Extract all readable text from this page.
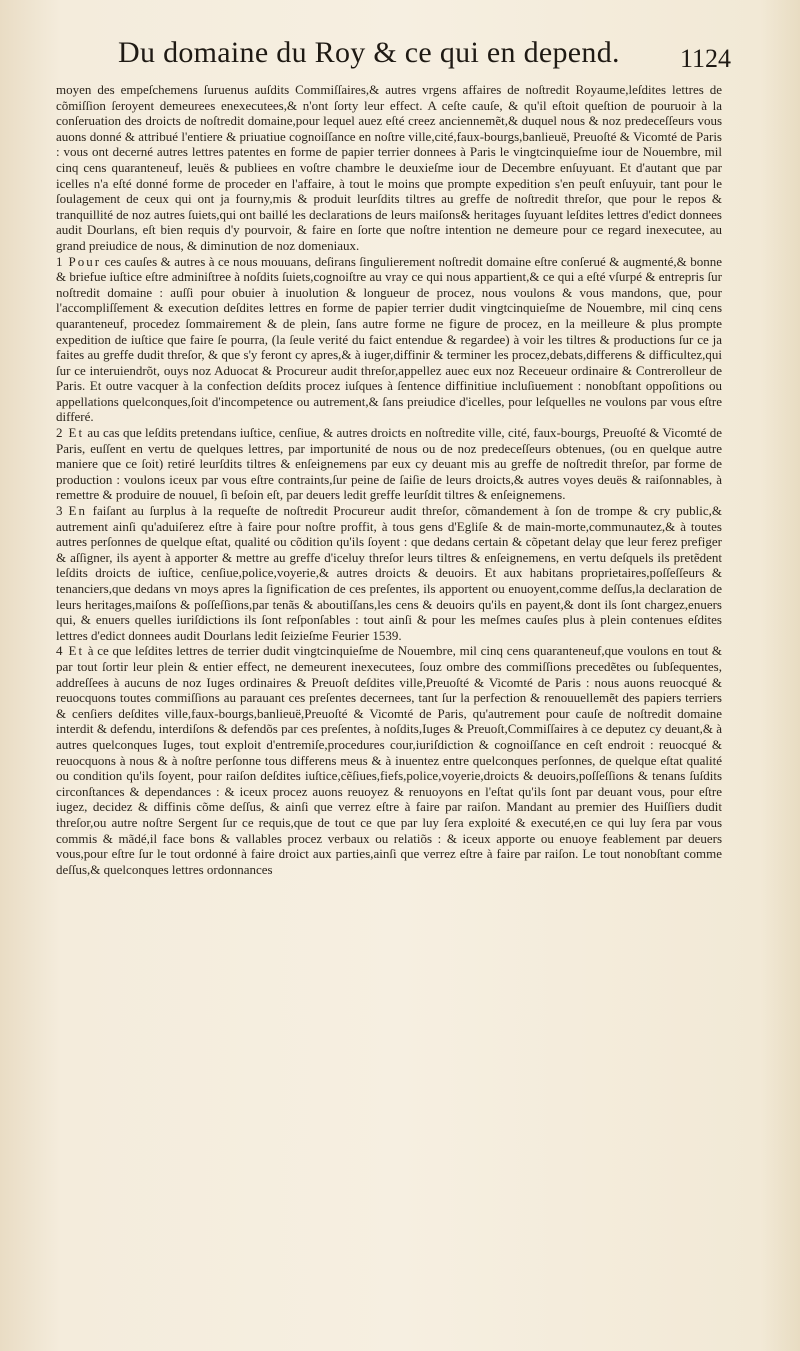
Du domaine du Roy & ce qui en depend. 1124

moyen des empeſchemens ſuruenus auſdits Commiſſaires,& autres vrgens affaires de noſtredit Royaume,leſdites lettres de cõmiſſion ſeroyent demeurees enexecutees,& n'ont ſorty leur effect. A ceſte cauſe, & qu'il eſtoit queſtion de pouruoir à la conſeruation des droicts de noſtredit domaine,pour lequel auez eſté creez anciennemẽt,& duquel nous & noz predeceſſeurs vous auons donné & attribué l'entiere & priuatiue cognoiſſance en noſtre ville,cité,faux-bourgs,banlieuë, Preuoſté & Vicomté de Paris : vous ont decerné autres lettres patentes en forme de papier terrier donnees à Paris le vingtcinquieſme iour de Nouembre, mil cinq cens quaranteneuf, leuës & publiees en voſtre chambre le deuxieſme iour de Decembre enſuyuant. Et d'autant que par icelles n'a eſté donné forme de proceder en l'affaire, à tout le moins que prompte expedition s'en peuſt enſuyuir, tant pour le ſoulagement de ceux qui ont ja fourny,mis & produit leurſdits tiltres au greffe de noſtredit threſor, que pour le repos & tranquillité de noz autres ſuiets,qui ont baillé les declarations de leurs maiſons& heritages ſuyuant leſdites lettres d'edict donnees audit Dourlans, eſt bien requis d'y pourvoir, & faire en ſorte que noſtre intention ne demeure pour ce regard inexecutee, au grand preiudice de nous, & diminution de noz domeniaux.

1 Pour ces cauſes & autres à ce nous mouuans, deſirans ſingulierement noſtredit domaine eſtre conſerué & augmenté,& bonne & briefue iuſtice eſtre adminiſtree à noſdits ſuiets,cognoiſtre au vray ce qui nous appartient,& ce qui a eſté vſurpé & entrepris ſur noſtredit domaine : auſſi pour obuier à inuolution & longueur de procez, nous voulons & vous mandons, que, pour l'accompliſſement & execution deſdites lettres en forme de papier terrier dudit vingtcinquieſme de Nouembre, mil cinq cens quaranteneuf, procedez ſommairement & de plein, ſans autre forme ne figure de procez, en la meilleure & plus prompte expedition de iuſtice que faire ſe pourra, (la ſeule verité du faict entendue & regardee) à voir les tiltres & productions ſur ce ja faites au greffe dudit threſor, & que s'y feront cy apres,& à iuger,diffinir & terminer les procez,debats,differens & difficultez,qui ſur ce interuiendrõt, ouys noz Aduocat & Procureur audit threſor,appellez auec eux noz Receueur ordinaire & Contrerolleur de Paris. Et outre vacquer à la confection deſdits procez iuſques à ſentence diffinitiue incluſiuement : nonobſtant oppoſitions ou appellations quelconques,ſoit d'incompetence ou autrement,& ſans preiudice d'icelles, pour leſquelles ne voulons par vous eſtre differé.

2 Et au cas que leſdits pretendans iuſtice, cenſiue, & autres droicts en noſtredite ville, cité, faux-bourgs, Preuoſté & Vicomté de Paris, euſſent en vertu de quelques lettres, par importunité de nous ou de noz predeceſſeurs obtenues, (ou en quelque autre maniere que ce ſoit) retiré leurſdits tiltres & enſeignemens par eux cy deuant mis au greffe de noſtredit threſor, par forme de production : voulons iceux par vous eſtre contraints,ſur peine de ſaiſie de leurs droicts,& autres voyes deuës & raiſonnables, à remettre & produire de nouuel, ſi beſoin eſt, par deuers ledit greffe leurſdit tiltres & enſeignemens.

3 En faiſant au ſurplus à la requeſte de noſtredit Procureur audit threſor, cõmandement à ſon de trompe & cry public,& autrement ainſi qu'aduiſerez eſtre à faire pour noſtre proffit, à tous gens d'Egliſe & de main-morte,communautez,& à toutes autres perſonnes de quelque eſtat, qualité ou cõdition qu'ils ſoyent : que dedans certain & cõpetant delay que leur ferez prefiger & aſſigner, ils ayent à apporter & mettre au greffe d'iceluy threſor leurs tiltres & enſeignemens, en vertu deſquels ils pretẽdent leſdits droicts de iuſtice, cenſiue,police,voyerie,& autres droicts & deuoirs. Et aux habitans proprietaires,poſſeſſeurs & tenanciers,que dedans vn moys apres la ſignification de ces preſentes, ils apportent ou enuoyent,comme deſſus,la declaration de leurs heritages,maiſons & poſſeſſions,par tenãs & aboutiſſans,les cens & deuoirs qu'ils en payent,& dont ils ſont chargez,enuers qui, & enuers quelles iuriſdictions ils ſont reſponſables : tout ainſi & pour les meſmes cauſes plus à plein contenues eſdites lettres d'edict donnees audit Dourlans ledit ſeizieſme Feurier 1539.

4 Et à ce que leſdites lettres de terrier dudit vingtcinquieſme de Nouembre, mil cinq cens quaranteneuf,que voulons en tout & par tout ſortir leur plein & entier effect, ne demeurent inexecutees, ſouz ombre des commiſſions precedẽtes ou ſubſequentes, addreſſees à aucuns de noz Iuges ordinaires & Preuoſt deſdites ville,Preuoſté & Vicomté de Paris : nous auons reuocqué & reuocquons toutes commiſſions au parauant ces preſentes decernees, tant ſur la perfection & renouuellemẽt des papiers terriers & cenſiers deſdites ville,faux-bourgs,banlieuë,Preuoſté & Vicomté de Paris, qu'autrement pour cauſe de noſtredit domaine interdit & defendu, interdiſons & defendõs par ces preſentes, à noſdits,Iuges & Preuoſt,Commiſſaires à ce deputez cy deuant,& à autres quelconques Iuges, tout exploit d'entremiſe,procedures cour,iuriſdiction & cognoiſſance en ceſt endroit : reuocqué & reuocquons à nous & à noſtre perſonne tous differens meus & à inuentez entre quelconques perſonnes, de quelque eſtat qualité ou condition qu'ils ſoyent, pour raiſon deſdites iuſtice,cẽſiues,fiefs,police,voyerie,droicts & deuoirs,poſſeſſions & tenans ſuſdits circonſtances & dependances : & iceux procez auons reuoyez & renuoyons en l'eſtat qu'ils ſont par deuant vous, pour eſtre iugez, decidez & diffinis cõme deſſus, & ainſi que verrez eſtre à faire par raiſon. Mandant au premier des Huiſſiers dudit threſor,ou autre noſtre Sergent ſur ce requis,que de tout ce que par luy ſera exploité & executé,en ce qui luy ſera par vous commis & mãdé,il face bons & vallables procez verbaux ou relatiõs : & iceux apporte ou enuoye feablement par deuers vous,pour eſtre ſur le tout ordonné à faire droict aux parties,ainſi que verrez eſtre à faire par raiſon. Le tout nonobſtant comme deſſus,& quelconques lettres ordonnances
